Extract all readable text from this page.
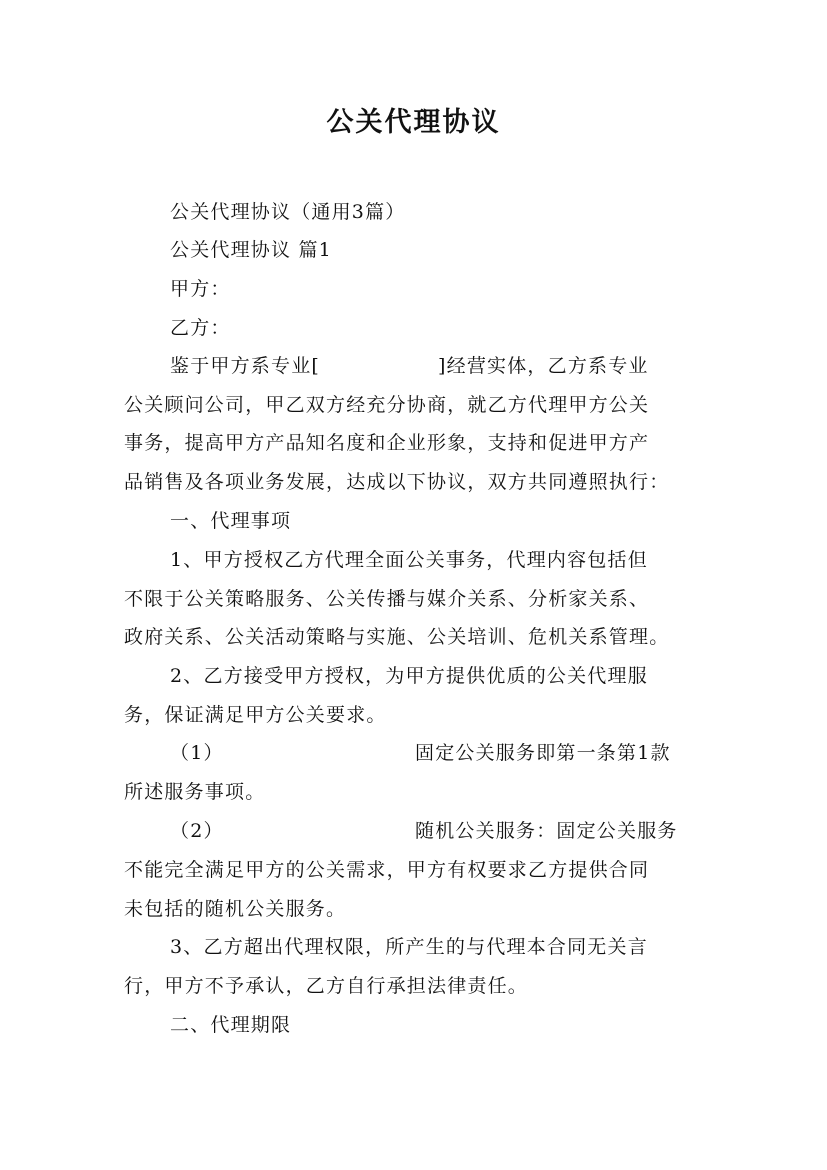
公关代理协议
公关代理协议（通用3篇）
公关代理协议 篇1
甲方：
乙方：
鉴于甲方系专业[	]经营实体，乙方系专业
公关顾问公司，甲乙双方经充分协商，就乙方代理甲方公关
事务，提高甲方产品知名度和企业形象，支持和促进甲方产
品销售及各项业务发展，达成以下协议，双方共同遵照执行：
一、代理事项
1、甲方授权乙方代理全面公关事务，代理内容包括但
不限于公关策略服务、公关传播与媒介关系、分析家关系、
政府关系、公关活动策略与实施、公关培训、危机关系管理。
2、乙方接受甲方授权，为甲方提供优质的公关代理服
务，保证满足甲方公关要求。
（1）	固定公关服务即第一条第1款
所述服务事项。
（2）	随机公关服务：固定公关服务
不能完全满足甲方的公关需求，甲方有权要求乙方提供合同
未包括的随机公关服务。
3、乙方超出代理权限，所产生的与代理本合同无关言
行，甲方不予承认，乙方自行承担法律责任。
二、代理期限
